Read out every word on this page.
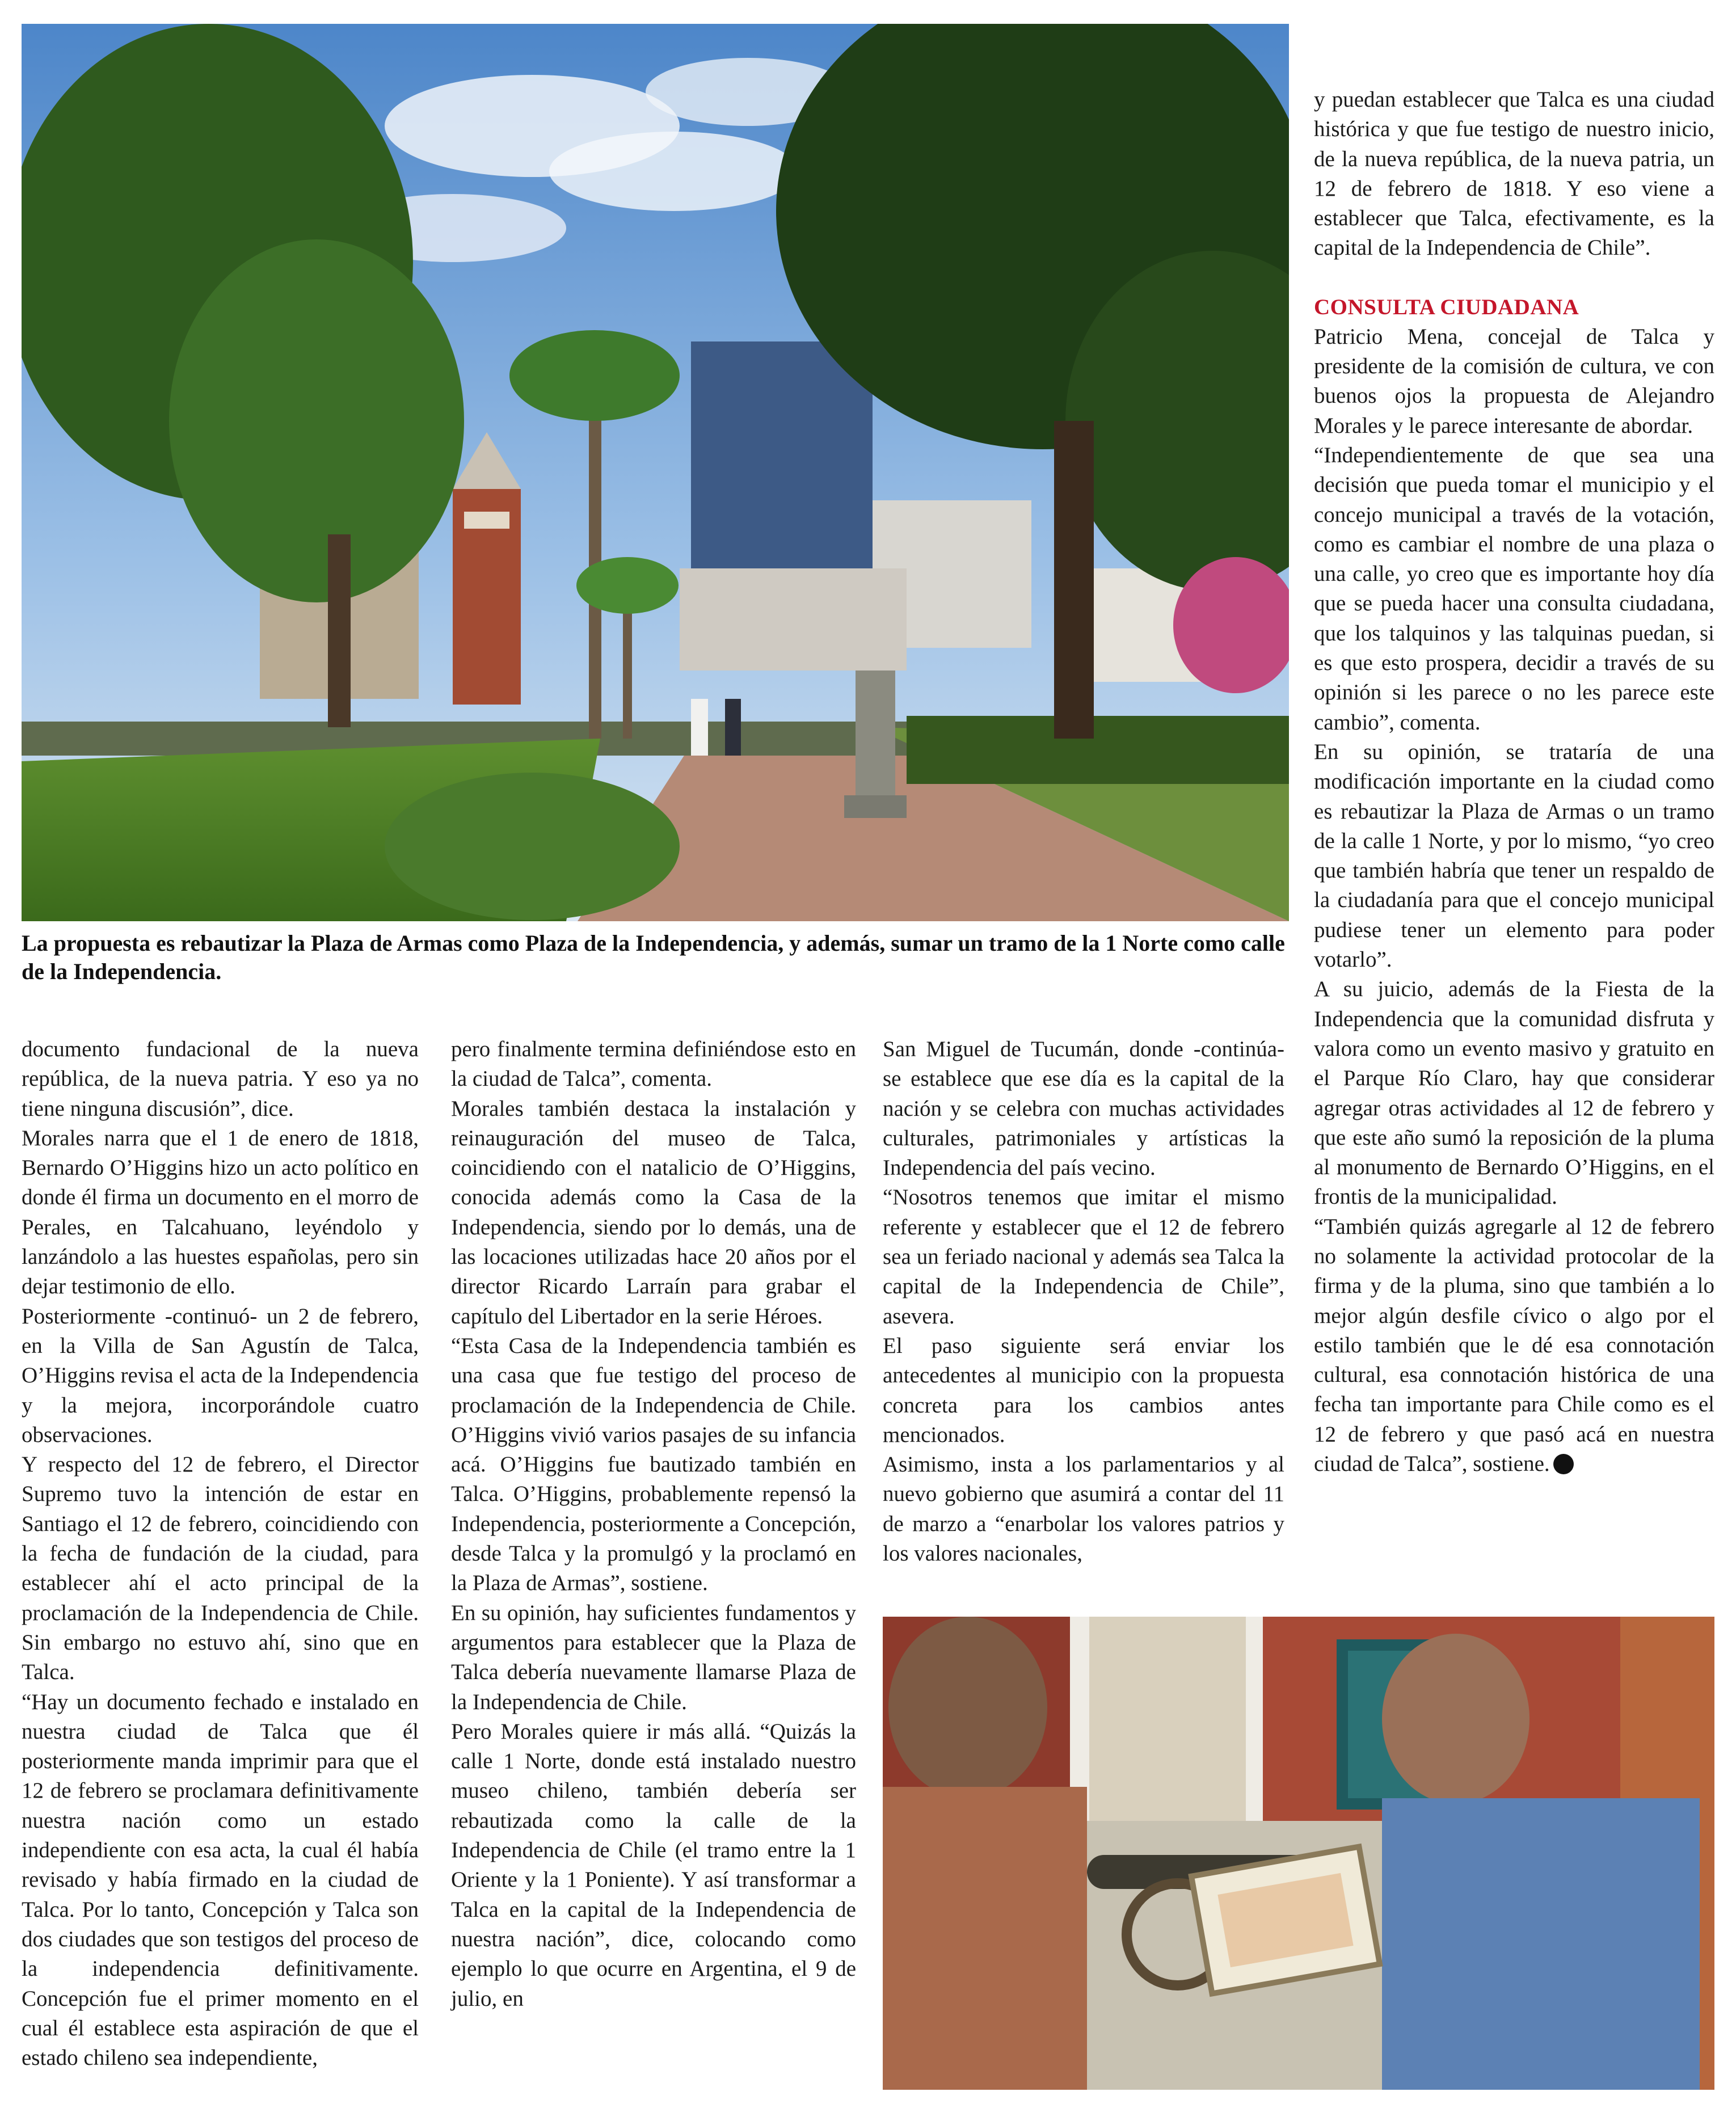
La propuesta es rebautizar la Plaza de Armas como Plaza de la Independencia, y además, sumar un tramo de la 1 Norte como calle de la Independencia.

documento fundacional de la nueva república, de la nueva patria. Y eso ya no tiene ninguna discusión”, dice.

Morales narra que el 1 de enero de 1818, Bernardo O’Higgins hizo un acto político en donde él firma un documento en el morro de Perales, en Talcahuano, leyéndolo y lanzándolo a las huestes españolas, pero sin dejar testimonio de ello.

Posteriormente -continuó- un 2 de febrero, en la Villa de San Agustín de Talca, O’Higgins revisa el acta de la Independencia y la mejora, incorporándole cuatro observaciones.

Y respecto del 12 de febrero, el Director Supremo tuvo la intención de estar en Santiago el 12 de febrero, coincidiendo con la fecha de fundación de la ciudad, para establecer ahí el acto principal de la proclamación de la Independencia de Chile. Sin embargo no estuvo ahí, sino que en Talca.

“Hay un documento fechado e instalado en nuestra ciudad de Talca que él posteriormente manda imprimir para que el 12 de febrero se proclamara definitivamente nuestra nación como un estado independiente con esa acta, la cual él había revisado y había firmado en la ciudad de Talca. Por lo tanto, Concepción y Talca son dos ciudades que son testigos del proceso de la independencia definitivamente. Concepción fue el primer momento en el cual él establece esta aspiración de que el estado chileno sea independiente,

pero finalmente termina definiéndose esto en la ciudad de Talca”, comenta.

Morales también destaca la instalación y reinauguración del museo de Talca, coincidiendo con el natalicio de O’Higgins, conocida además como la Casa de la Independencia, siendo por lo demás, una de las locaciones utilizadas hace 20 años por el director Ricardo Larraín para grabar el capítulo del Libertador en la serie Héroes.

“Esta Casa de la Independencia también es una casa que fue testigo del proceso de proclamación de la Independencia de Chile. O’Higgins vivió varios pasajes de su infancia acá. O’Higgins fue bautizado también en Talca. O’Higgins, probablemente repensó la Independencia, posteriormente a Concepción, desde Talca y la promulgó y la proclamó en la Plaza de Armas”, sostiene.

En su opinión, hay suficientes fundamentos y argumentos para establecer que la Plaza de Talca debería nuevamente llamarse Plaza de la Independencia de Chile.

Pero Morales quiere ir más allá. “Quizás la calle 1 Norte, donde está instalado nuestro museo chileno, también debería ser rebautizada como la calle de la Independencia de Chile (el tramo entre la 1 Oriente y la 1 Poniente). Y así transformar a Talca en la capital de la Independencia de nuestra nación”, dice, colocando como ejemplo lo que ocurre en Argentina, el 9 de julio, en

San Miguel de Tucumán, donde -continúa- se establece que ese día es la capital de la nación y se celebra con muchas actividades culturales, patrimoniales y artísticas la Independencia del país vecino.

“Nosotros tenemos que imitar el mismo referente y establecer que el 12 de febrero sea un feriado nacional y además sea Talca la capital de la Independencia de Chile”, asevera.

El paso siguiente será enviar los antecedentes al municipio con la propuesta concreta para los cambios antes mencionados.

Asimismo, insta a los parlamentarios y al nuevo gobierno que asumirá a contar del 11 de marzo a “enarbolar los valores patrios y los valores nacionales,

y puedan establecer que Talca es una ciudad histórica y que fue testigo de nuestro inicio, de la nueva república, de la nueva patria, un 12 de febrero de 1818. Y eso viene a establecer que Talca, efectivamente, es la capital de la Independencia de Chile”.

CONSULTA CIUDADANA

Patricio Mena, concejal de Talca y presidente de la comisión de cultura, ve con buenos ojos la propuesta de Alejandro Morales y le parece interesante de abordar.

“Independientemente de que sea una decisión que pueda tomar el municipio y el concejo municipal a través de la votación, como es cambiar el nombre de una plaza o una calle, yo creo que es importante hoy día que se pueda hacer una consulta ciudadana, que los talquinos y las talquinas puedan, si es que esto prospera, decidir a través de su opinión si les parece o no les parece este cambio”, comenta.

En su opinión, se trataría de una modificación importante en la ciudad como es rebautizar la Plaza de Armas o un tramo de la calle 1 Norte, y por lo mismo, “yo creo que también habría que tener un respaldo de la ciudadanía para que el concejo municipal pudiese tener un elemento para poder votarlo”.

A su juicio, además de la Fiesta de la Independencia que la comunidad disfruta y valora como un evento masivo y gratuito en el Parque Río Claro, hay que considerar agregar otras actividades al 12 de febrero y que este año sumó la reposición de la pluma al monumento de Bernardo O’Higgins, en el frontis de la municipalidad.

“También quizás agregarle al 12 de febrero no solamente la actividad protocolar de la firma y de la pluma, sino que también a lo mejor algún desfile cívico o algo por el estilo también que le dé esa connotación cultural, esa connotación histórica de una fecha tan importante para Chile como es el 12 de febrero y que pasó acá en nuestra ciudad de Talca”, sostiene.
